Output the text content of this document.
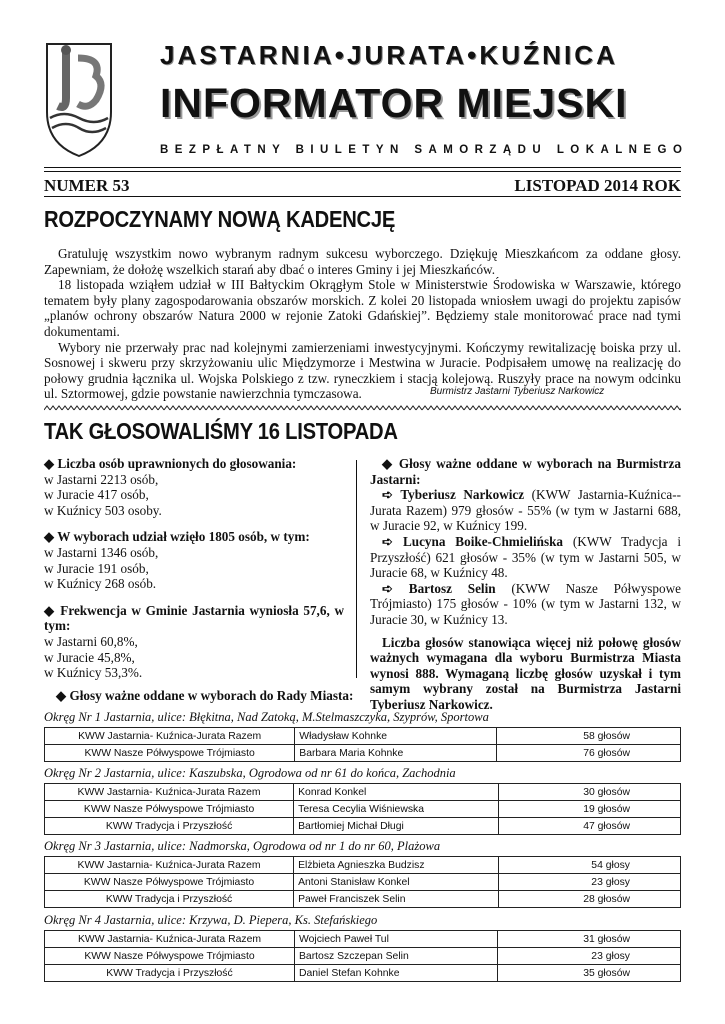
JASTARNIA•JURATA•KUŹNICA
INFORMATOR MIEJSKI
BEZPŁATNY BIULETYN SAMORZĄDU LOKALNEGO
NUMER 53	LISTOPAD 2014 ROK
ROZPOCZYNAMY NOWĄ KADENCJĘ

Gratuluję wszystkim nowo wybranym radnym sukcesu wyborczego. Dziękuję Mieszkańcom za oddane głosy. Zapewniam, że dołożę wszelkich starań aby dbać o interes Gminy i jej Mieszkańców.

18 listopada wziąłem udział w III Bałtyckim Okrągłym Stole w Ministerstwie Środowiska w Warszawie, którego tematem były plany zagospodarowania obszarów morskich. Z kolei 20 listopada wniosłem uwagi do projektu zapisów „planów ochrony obszarów Natura 2000 w rejonie Zatoki Gdańskiej”. Będziemy stale monitorować prace nad tymi dokumentami.

Wybory nie przerwały prac nad kolejnymi zamierzeniami inwestycyjnymi. Kończymy rewitalizację boiska przy ul. Sosnowej i skweru przy skrzyżowaniu ulic Międzymorze i Mestwina w Juracie. Podpisałem umowę na realizację do połowy grudnia łącznika ul. Wojska Polskiego z tzw. ryneczkiem i stacją kolejową. Ruszyły prace na nowym odcinku ul. Sztormowej, gdzie powstanie nawierzchnia tymczasowa.	Burmistrz Jastarni Tyberiusz Narkowicz
TAK GŁOSOWALIŚMY 16 LISTOPADA

◆ Liczba osób uprawnionych do głosowania:

w Jastarni 2213 osób,

w Juracie 417 osób,

w Kuźnicy 503 osoby.

◆ W wyborach udział wzięło 1805 osób, w tym:

w Jastarni 1346 osób,

w Juracie 191 osób,

w Kuźnicy 268 osób.

◆ Frekwencja w Gminie Jastarnia wyniosła 57,6, w tym:

w Jastarni 60,8%,

w Juracie 45,8%,

w Kuźnicy 53,3%.

◆ Głosy ważne oddane w wyborach na Burmistrza Jastarni:

➪ Tyberiusz Narkowicz (KWW Jastarnia-Kuźnica--Jurata Razem) 979 głosów - 55% (w tym w Jastarni 688, w Juracie 92, w Kuźnicy 199.

➪ Lucyna Boike-Chmielińska (KWW Tradycja i Przyszłość) 621 głosów - 35% (w tym w Jastarni 505, w Juracie 68, w Kuźnicy 48.

➪ Bartosz Selin (KWW Nasze Półwyspowe Trójmiasto) 175 głosów - 10% (w tym w Jastarni 132, w Juracie 30, w Kuźnicy 13.

Liczba głosów stanowiąca więcej niż połowę głosów ważnych wymagana dla wyboru Burmistrza Miasta wynosi 888. Wymaganą liczbę głosów uzyskał i tym samym wybrany został na Burmistrza Jastarni Tyberiusz Narkowicz.

◆ Głosy ważne oddane w wyborach do Rady Miasta:
Okręg Nr 1 Jastarnia, ulice: Błękitna, Nad Zatoką, M.Stelmaszczyka, Szyprów, Sportowa
KWW Jastarnia- Kuźnica-Jurata Razem	Władysław Kohnke	58 głosów
KWW Nasze Półwyspowe Trójmiasto	Barbara Maria Kohnke	76 głosów
Okręg Nr 2 Jastarnia, ulice: Kaszubska, Ogrodowa od nr 61 do końca, Zachodnia
KWW Jastarnia- Kuźnica-Jurata Razem	Konrad Konkel	30 głosów
KWW Nasze Półwyspowe Trójmiasto	Teresa Cecylia Wiśniewska	19 głosów
KWW Tradycja i Przyszłość	Bartłomiej Michał Długi	47 głosów
Okręg Nr 3 Jastarnia, ulice: Nadmorska, Ogrodowa od nr 1 do nr 60, Plażowa
KWW Jastarnia- Kuźnica-Jurata Razem	Elżbieta Agnieszka Budzisz	54 głosy
KWW Nasze Półwyspowe Trójmiasto	Antoni Stanisław Konkel	23 głosy
KWW Tradycja i Przyszłość	Paweł Franciszek Selin	28 głosów
Okręg Nr 4 Jastarnia, ulice: Krzywa, D. Piepera, Ks. Stefańskiego
KWW Jastarnia- Kuźnica-Jurata Razem	Wojciech Paweł Tul	31 głosów
KWW Nasze Półwyspowe Trójmiasto	Bartosz Szczepan Selin	23 głosy
KWW Tradycja i Przyszłość	Daniel Stefan Kohnke	35 głosów
